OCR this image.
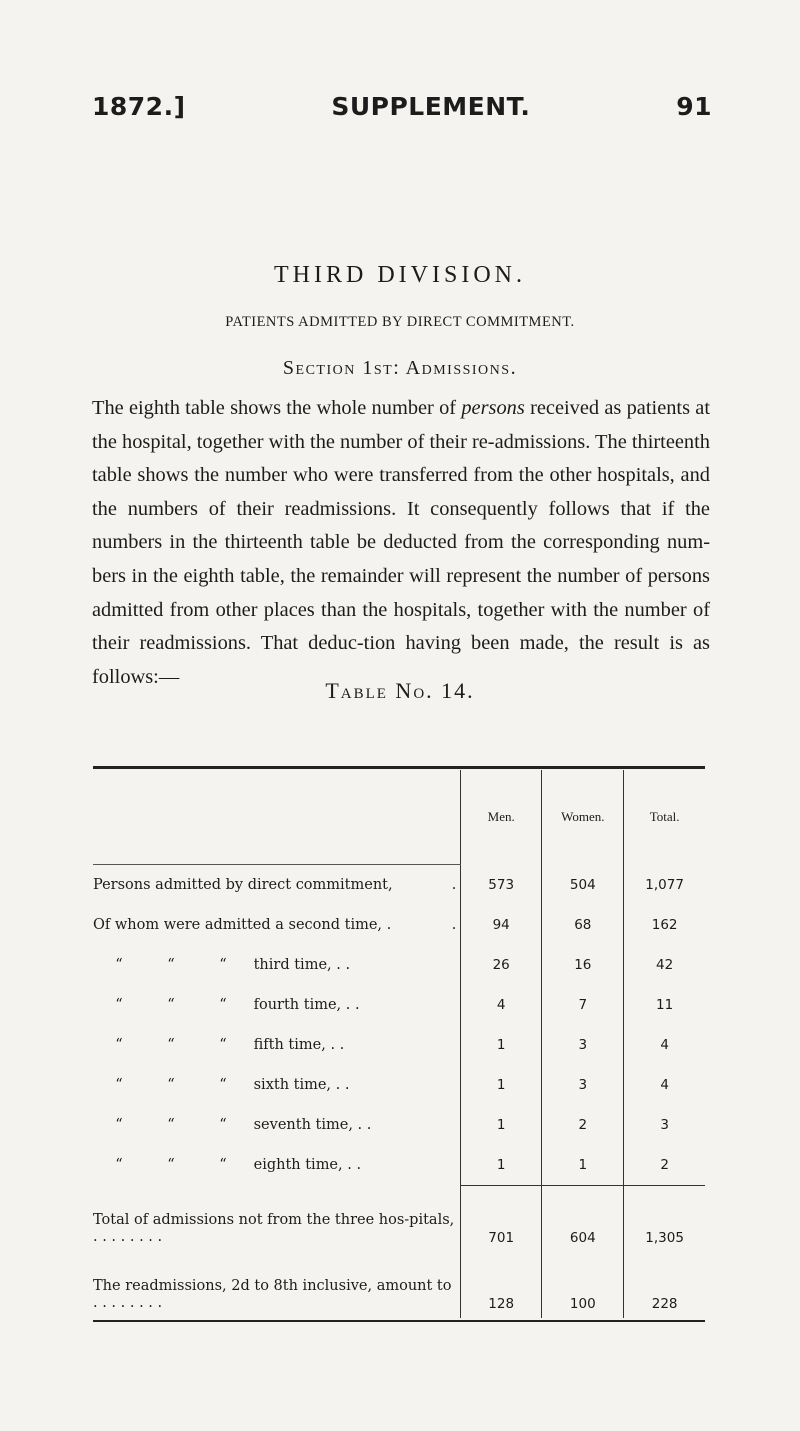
1872.]	SUPPLEMENT.	91
THIRD DIVISION.
PATIENTS ADMITTED BY DIRECT COMMITMENT.
Section 1st: Admissions.

The eighth table shows the whole number of persons received as patients at the hospital, together with the number of their re-admissions. The thirteenth table shows the number who were transferred from the other hospitals, and the numbers of their readmissions. It consequently follows that if the numbers in the thirteenth table be deducted from the corresponding num-bers in the eighth table, the remainder will represent the number of persons admitted from other places than the hospitals, together with the number of their readmissions. That deduc-tion having been made, the result is as follows:—

Table No. 14.
	Men.	Women.	Total.
Persons admitted by direct commitment, .	573	504	1,077
Of whom were admitted a second time, . .	94	68	162
“ “ “ third time, . .	26	16	42
“ “ “ fourth time, . .	4	7	11
“ “ “ fifth time, . .	1	3	4
“ “ “ sixth time, . .	1	3	4
“ “ “ seventh time, . .	1	2	3
“ “ “ eighth time, . .	1	1	2
Total of admissions not from the three hos-pitals, . . . . . . . .	701	604	1,305
The readmissions, 2d to 8th inclusive, amount to . . . . . . . .	128	100	228
